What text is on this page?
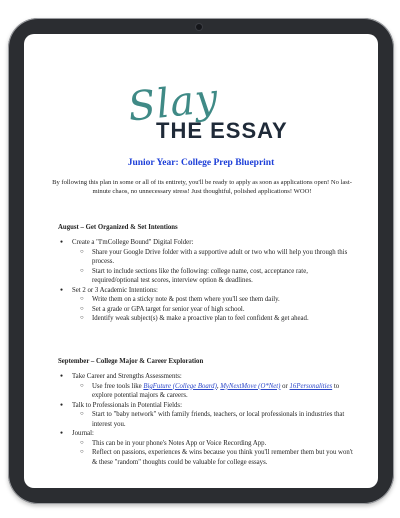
Slay
THE ESSAY
Junior Year: College Prep Blueprint
By following this plan in some or all of its entirety, you'll be ready to apply as soon as applications open! No last-minute chaos, no unnecessary stress! Just thoughtful, polished applications! WOO!
August – Get Organized & Set Intentions
● Create a "I'mCollege Bound" Digital Folder:
○ Share your Google Drive folder with a supportive adult or two who will help you through this process.
○ Start to include sections like the following: college name, cost, acceptance rate, required/optional test scores, interview option & deadlines.
● Set 2 or 3 Academic Intentions:
○ Write them on a sticky note & post them where you'll see them daily.
○ Set a grade or GPA target for senior year of high school.
○ Identify weak subject(s) & make a proactive plan to feel confident & get ahead.
September – College Major & Career Exploration
● Take Career and Strengths Assessments:
○ Use free tools like BigFuture (College Board), MyNextMove (O*Net) or 16Personalities to explore potential majors & careers.
● Talk to Professionals in Potential Fields:
○ Start to "baby network" with family friends, teachers, or local professionals in industries that interest you.
● Journal:
○ This can be in your phone's Notes App or Voice Recording App.
○ Reflect on passions, experiences & wins because you think you'll remember them but you won't & these "random" thoughts could be valuable for college essays.
